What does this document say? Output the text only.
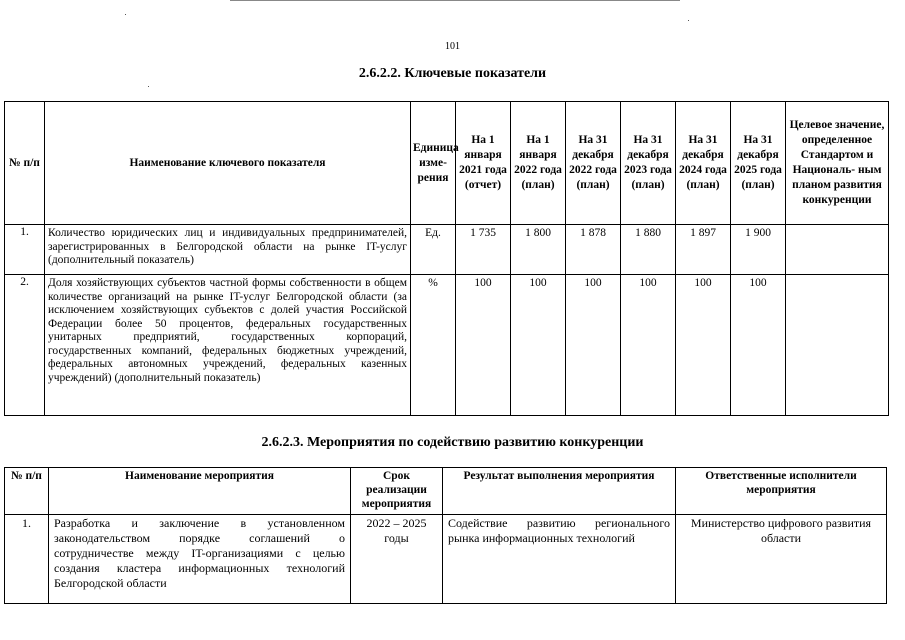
101
2.6.2.2. Ключевые показатели
№ п/п	Наименование ключевого показателя	Единица изме- рения	На 1 января 2021 года (отчет)	На 1 января 2022 года (план)	На 31 декабря 2022 года (план)	На 31 декабря 2023 года (план)	На 31 декабря 2024 года (план)	На 31 декабря 2025 года (план)	Целевое значение, определенное Стандартом и Националь- ным планом развития конкуренции
1.	Количество юридических лиц и индивидуальных предпринимателей, зарегистрированных в Белгородской области на рынке IT-услуг (дополнительный показатель)	Ед.	1 735	1 800	1 878	1 880	1 897	1 900	
2.	Доля хозяйствующих субъектов частной формы собственности в общем количестве организаций на рынке IT-услуг Белгородской области (за исключением хозяйствующих субъектов с долей участия Российской Федерации более 50 процентов, федеральных государственных унитарных предприятий, государственных корпораций, государственных компаний, федеральных бюджетных учреждений, федеральных автономных учреждений, федеральных казенных учреждений) (дополнительный показатель)	%	100	100	100	100	100	100	
2.6.2.3. Мероприятия по содействию развитию конкуренции
№ п/п	Наименование мероприятия	Срок реализации мероприятия	Результат выполнения мероприятия	Ответственные исполнители мероприятия
1.	Разработка и заключение в установленном законодательством порядке соглашений о сотрудничестве между IT-организациями с целью создания кластера информационных технологий Белгородской области	2022 – 2025 годы	Содействие развитию регионального рынка информационных технологий	Министерство цифрового развития области
